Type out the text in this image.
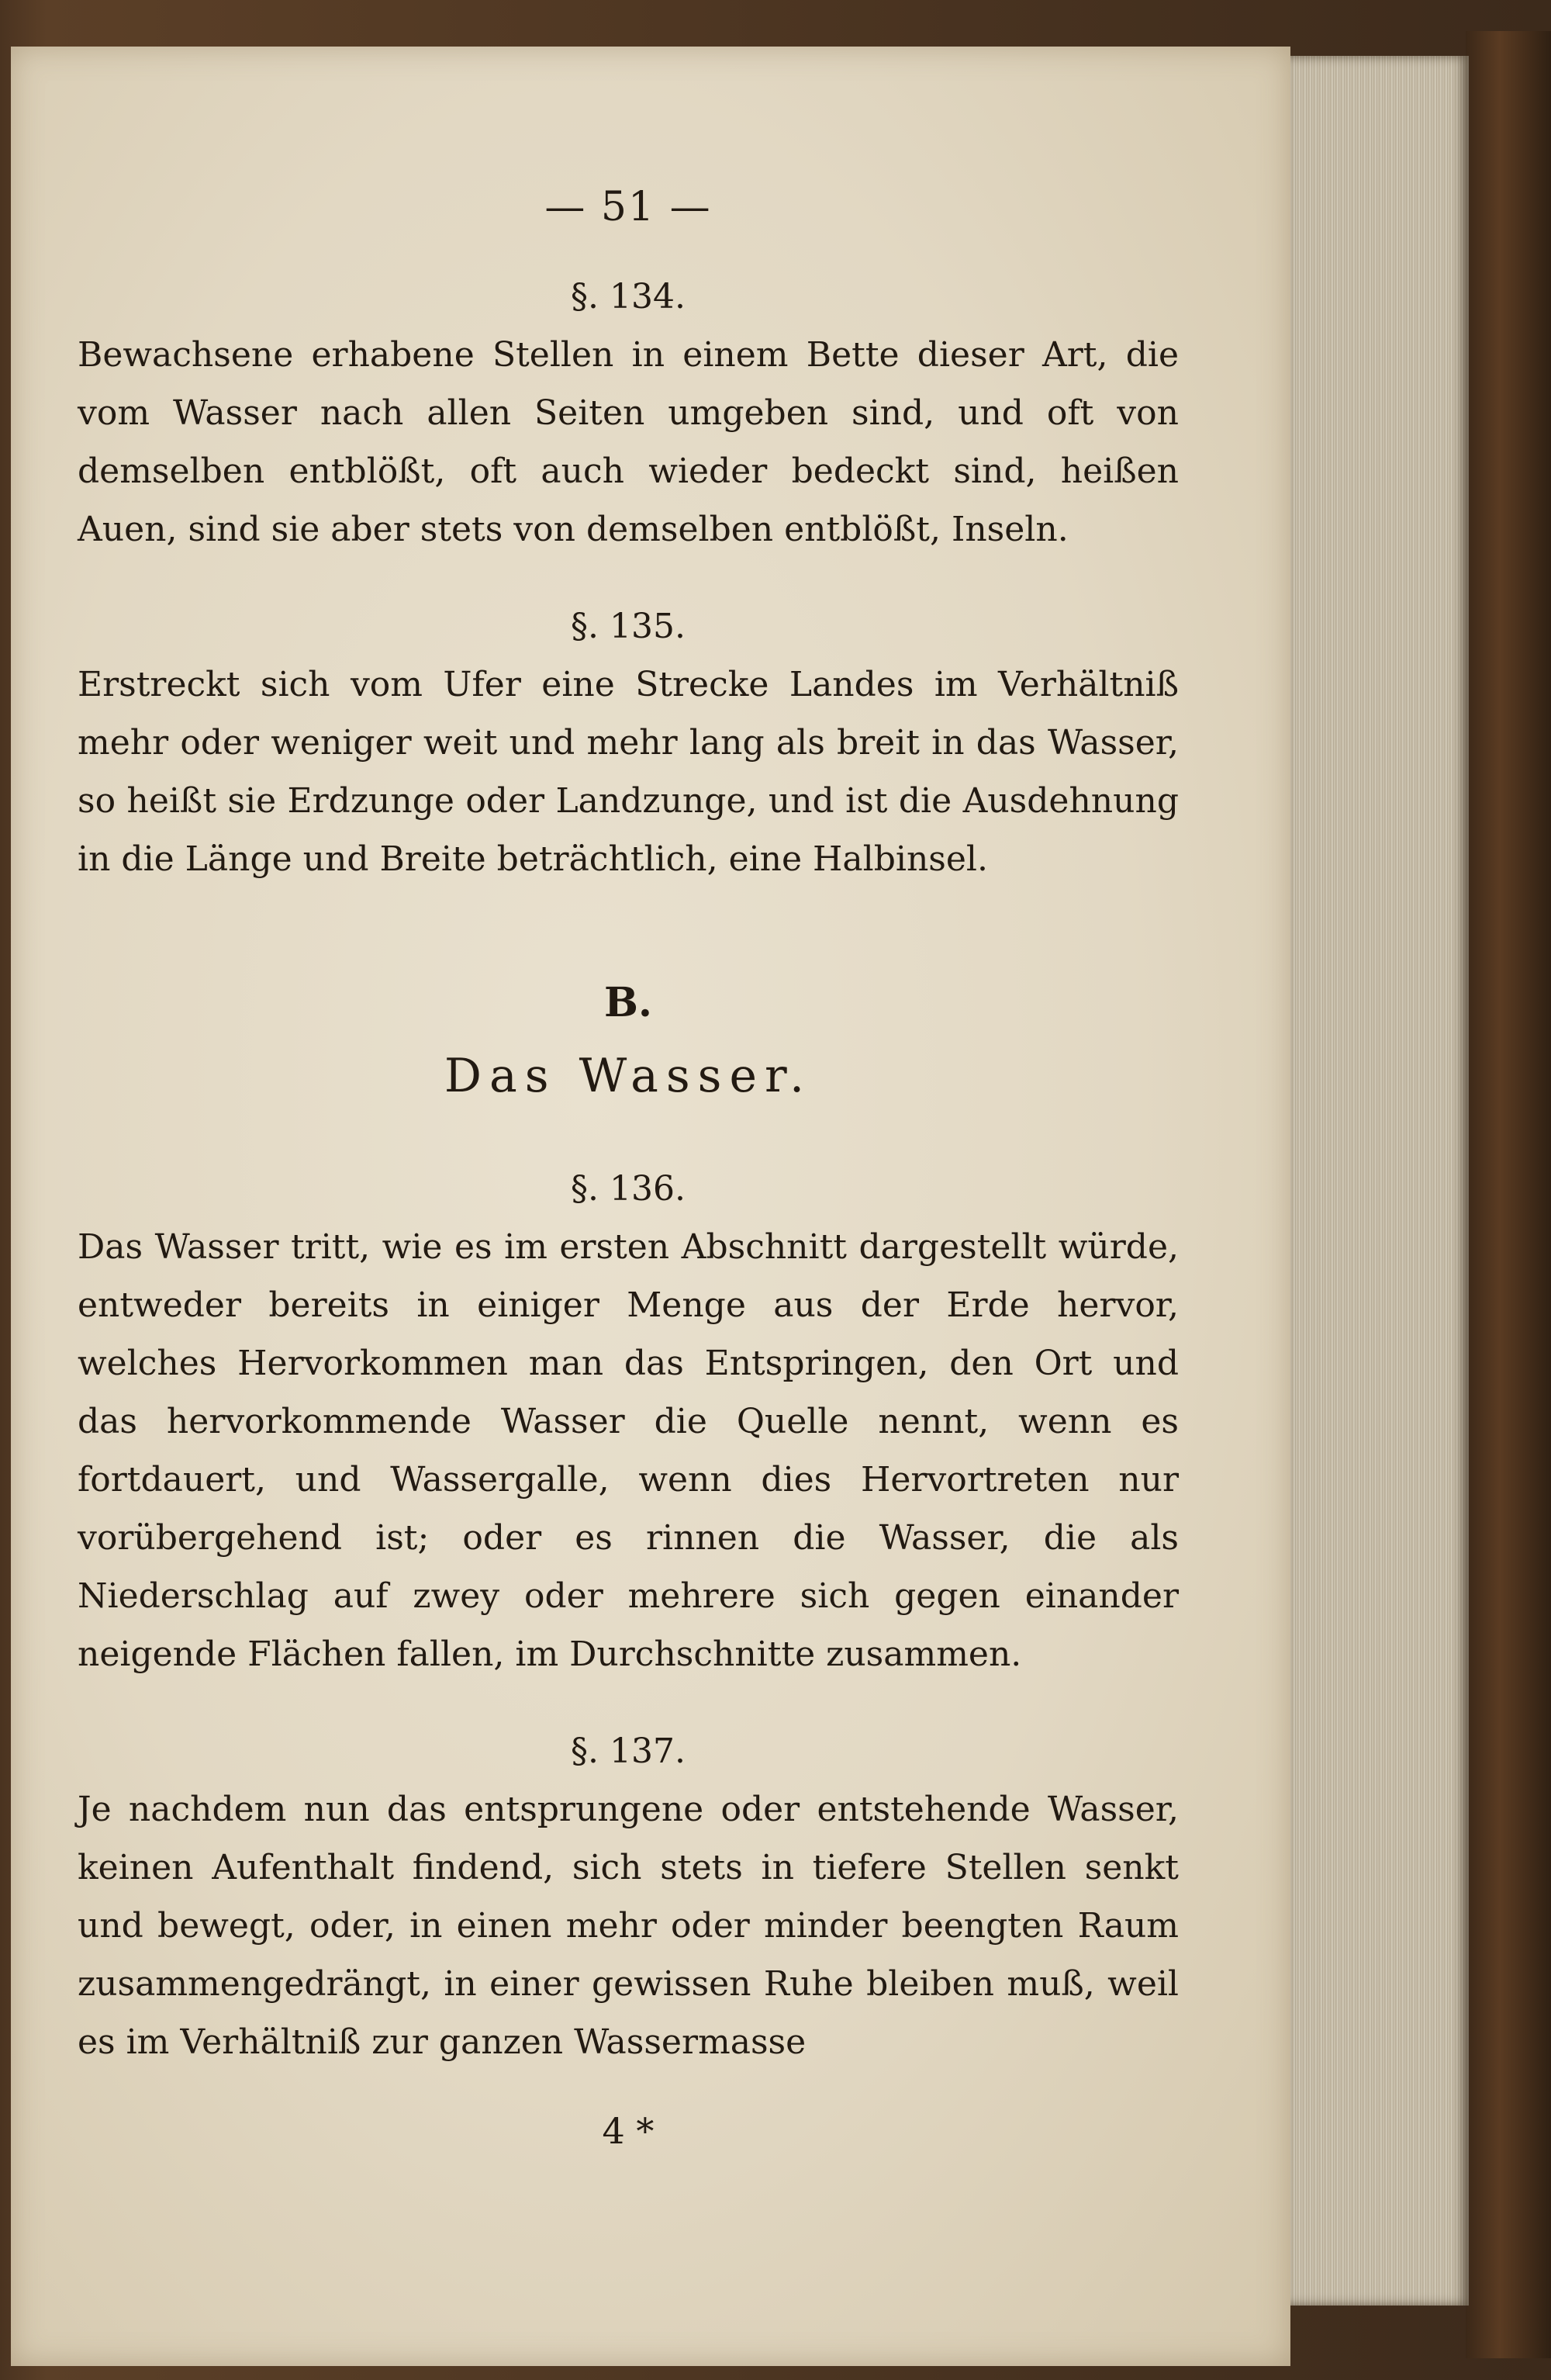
— 51 —
§. 134.

Bewachsene erhabene Stellen in einem Bette dieser Art, die vom Wasser nach allen Seiten umgeben sind, und oft von demselben entblößt, oft auch wieder bedeckt sind, heißen Auen, sind sie aber stets von demselben entblößt, Inseln.

§. 135.

Erstreckt sich vom Ufer eine Strecke Landes im Verhältniß mehr oder weniger weit und mehr lang als breit in das Wasser, so heißt sie Erdzunge oder Landzunge, und ist die Ausdehnung in die Länge und Breite beträchtlich, eine Halbinsel.

B.
Das Wasser.
§. 136.

Das Wasser tritt, wie es im ersten Abschnitt dargestellt würde, entweder bereits in einiger Menge aus der Erde hervor, welches Hervorkommen man das Entspringen, den Ort und das hervorkommende Wasser die Quelle nennt, wenn es fortdauert, und Wassergalle, wenn dies Hervortreten nur vorübergehend ist; oder es rinnen die Wasser, die als Niederschlag auf zwey oder mehrere sich gegen einander neigende Flächen fallen, im Durchschnitte zusammen.

§. 137.

Je nachdem nun das entsprungene oder entstehende Wasser, keinen Aufenthalt findend, sich stets in tiefere Stellen senkt und bewegt, oder, in einen mehr oder minder beengten Raum zusammengedrängt, in einer gewissen Ruhe bleiben muß, weil es im Verhältniß zur ganzen Wassermasse

4 *
